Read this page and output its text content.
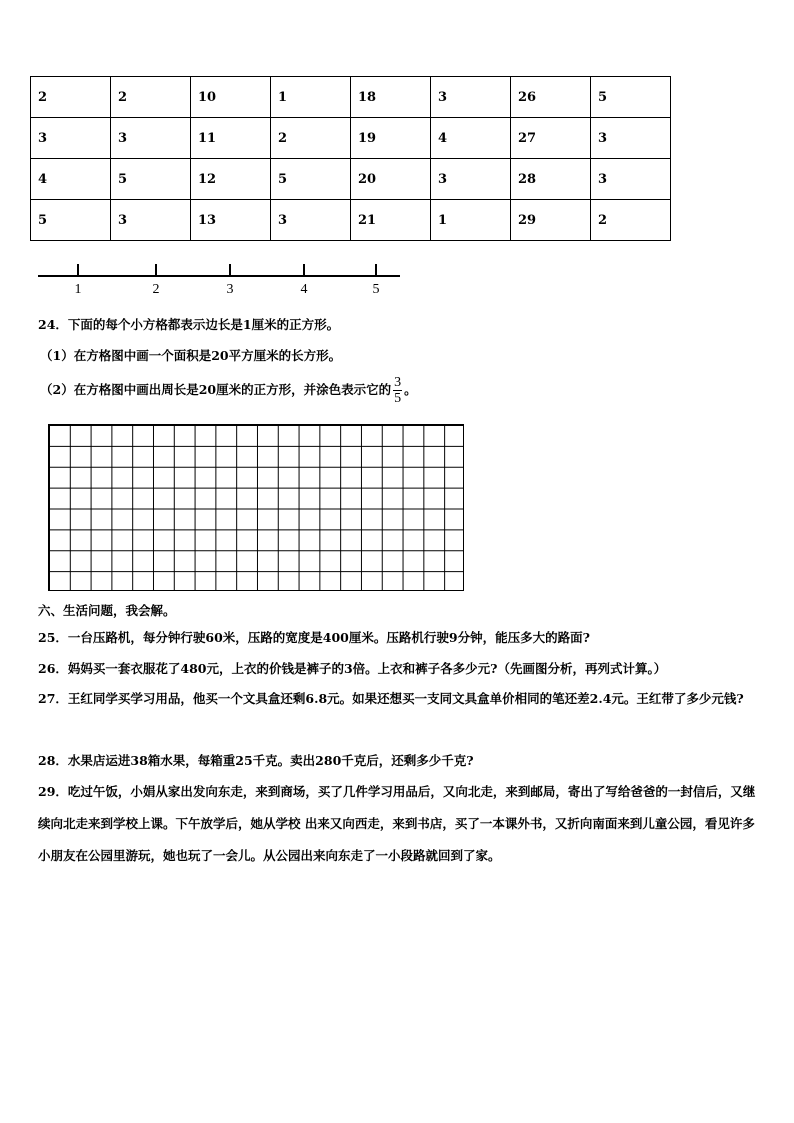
2	2	10	1	18	3	26	5
3	3	11	2	19	4	27	3
4	5	12	5	20	3	28	3
5	3	13	3	21	1	29	2
1	2	3	4	5
24．下面的每个小方格都表示边长是1厘米的正方形。
（1）在方格图中画一个面积是20平方厘米的长方形。
（2）在方格图中画出周长是20厘米的正方形，并涂色表示它的 $\frac{3}{5}$ 。
六、生活问题，我会解。
25．一台压路机，每分钟行驶60米，压路的宽度是400厘米。压路机行驶9分钟，能压多大的路面?
26．妈妈买一套衣服花了480元，上衣的价钱是裤子的3倍。上衣和裤子各多少元?（先画图分析，再列式计算。）
27．王红同学买学习用品，他买一个文具盒还剩6.8元。如果还想买一支同文具盒单价相同的笔还差2.4元。王红带了多少元钱?
28．水果店运进38箱水果，每箱重25千克。卖出280千克后，还剩多少千克?
29．吃过午饭，小娟从家出发向东走，来到商场，买了几件学习用品后，又向北走，来到邮局，寄出了写给爸爸的一封信后，又继续向北走来到学校上课。下午放学后，她从学校 出来又向西走，来到书店，买了一本课外书，又折向南面来到儿童公园，看见许多小朋友在公园里游玩，她也玩了一会儿。从公园出来向东走了一小段路就回到了家。
